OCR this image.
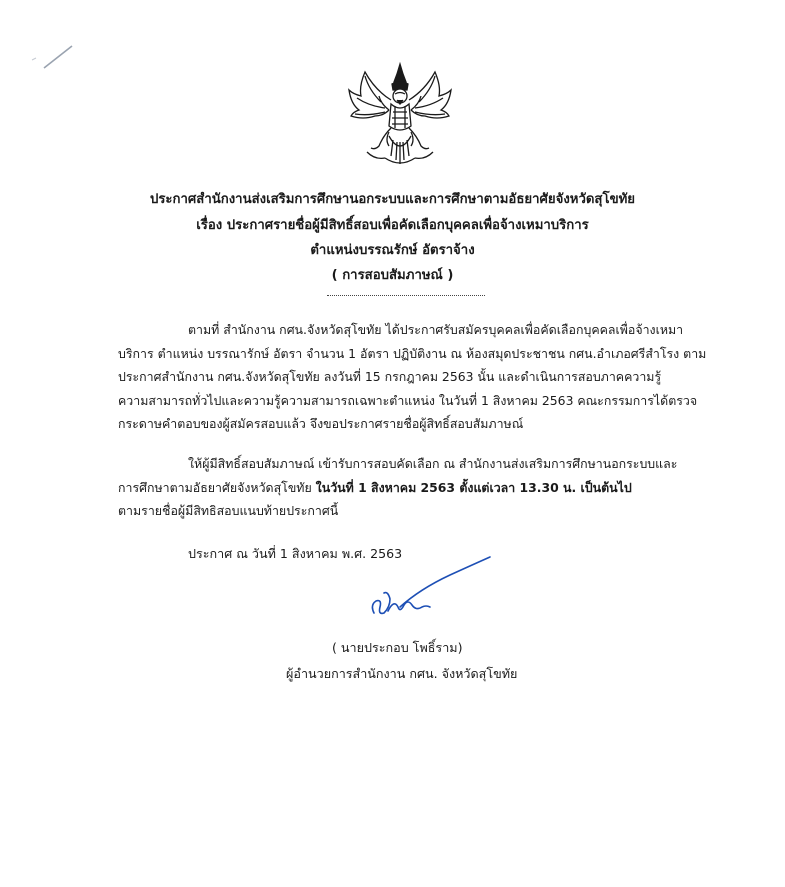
ประกาศสำนักงานส่งเสริมการศึกษานอกระบบและการศึกษาตามอัธยาศัยจังหวัดสุโขทัย
เรื่อง ประกาศรายชื่อผู้มีสิทธิ์สอบเพื่อคัดเลือกบุคคลเพื่อจ้างเหมาบริการ
ตำแหน่งบรรณรักษ์ อัตราจ้าง
( การสอบสัมภาษณ์ )
ตามที่ สำนักงาน กศน.จังหวัดสุโขทัย ได้ประกาศรับสมัครบุคคลเพื่อคัดเลือกบุคคลเพื่อจ้างเหมา
บริการ ตำแหน่ง บรรณารักษ์ อัตรา จำนวน 1 อัตรา ปฏิบัติงาน ณ ห้องสมุดประชาชน กศน.อำเภอศรีสำโรง ตาม
ประกาศสำนักงาน กศน.จังหวัดสุโขทัย ลงวันที่ 15 กรกฎาคม 2563 นั้น และดำเนินการสอบภาคความรู้
ความสามารถทั่วไปและความรู้ความสามารถเฉพาะตำแหน่ง ในวันที่ 1 สิงหาคม 2563 คณะกรรมการได้ตรวจ
กระดาษคำตอบของผู้สมัครสอบแล้ว จึงขอประกาศรายชื่อผู้สิทธิ์สอบสัมภาษณ์
ให้ผู้มีสิทธิ์สอบสัมภาษณ์ เข้ารับการสอบคัดเลือก ณ สำนักงานส่งเสริมการศึกษานอกระบบและ
การศึกษาตามอัธยาศัยจังหวัดสุโขทัย ในวันที่ 1 สิงหาคม 2563 ตั้งแต่เวลา 13.30 น. เป็นต้นไป
ตามรายชื่อผู้มีสิทธิสอบแนบท้ายประกาศนี้
ประกาศ ณ วันที่ 1 สิงหาคม พ.ศ. 2563
( นายประกอบ โพธิ์ราม)
ผู้อำนวยการสำนักงาน กศน. จังหวัดสุโขทัย
